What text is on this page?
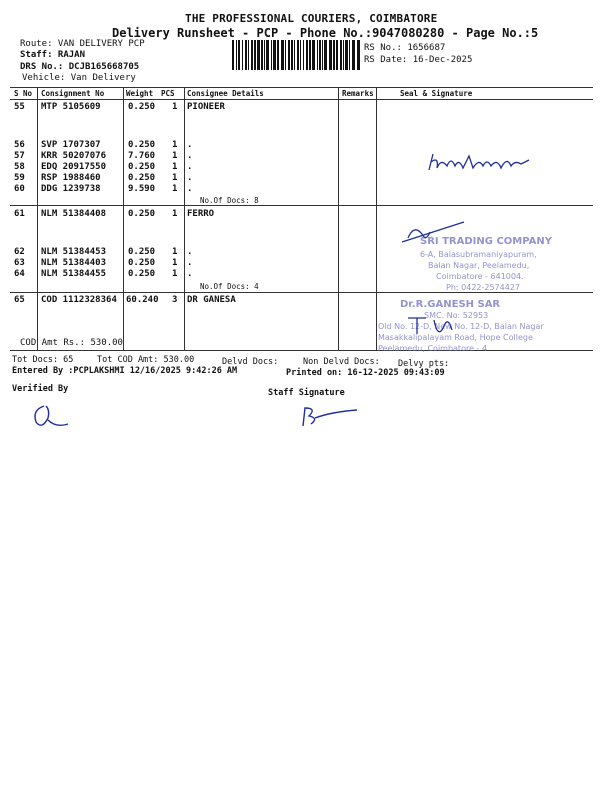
THE PROFESSIONAL COURIERS, COIMBATORE
Delivery Runsheet - PCP - Phone No.:9047080280 - Page No.:5
Route: VAN DELIVERY PCP
Staff: RAJAN
DRS No.: DCJB165668705
Vehicle: Van Delivery
RS No.: 1656687
RS Date: 16-Dec-2025
S No Consignment No	Weight PCS Consignee Details	Remarks	Seal & Signature
55 MTP 5105609	0.250 1 PIONEER
56 SVP 1707307	0.250 1 .
57 KRR 50207076 7.760 1 .
58 EDQ 20917550 0.250 1 .
59 RSP 1988460	0.250 1 .
60 DDG 1239738	9.590 1 .
No.Of Docs: 8
61 NLM 51384408 0.250 1 FERRO
62 NLM 51384453 0.250 1 .
63 NLM 51384403 0.250 1 .
64 NLM 51384455 0.250 1 .
No.Of Docs: 4
65 COD 1112328364 60.240 3 DR GANESA
COD Amt Rs.: 530.00
SRI TRADING COMPANY
6-A, Balasubramaniyapuram,
Balan Nagar, Peelamedu,
Coimbatore - 641004.
Ph: 0422-2574427
Dr.R.GANESH SAR
SMC. No: 52953
Old No. 12-D, New No. 12-D, Balan Nagar
Masakkalipalayam Road, Hope College
Peelamedu, Coimbatore - 4
Tot Docs: 65	Tot COD Amt: 530.00	Delvd Docs:	Non Delvd Docs: Delvy pts:
Entered By :PCPLAKSHMI 12/16/2025 9:42:26 AM	Printed on: 16-12-2025 09:43:09
Verified By	Staff Signature
